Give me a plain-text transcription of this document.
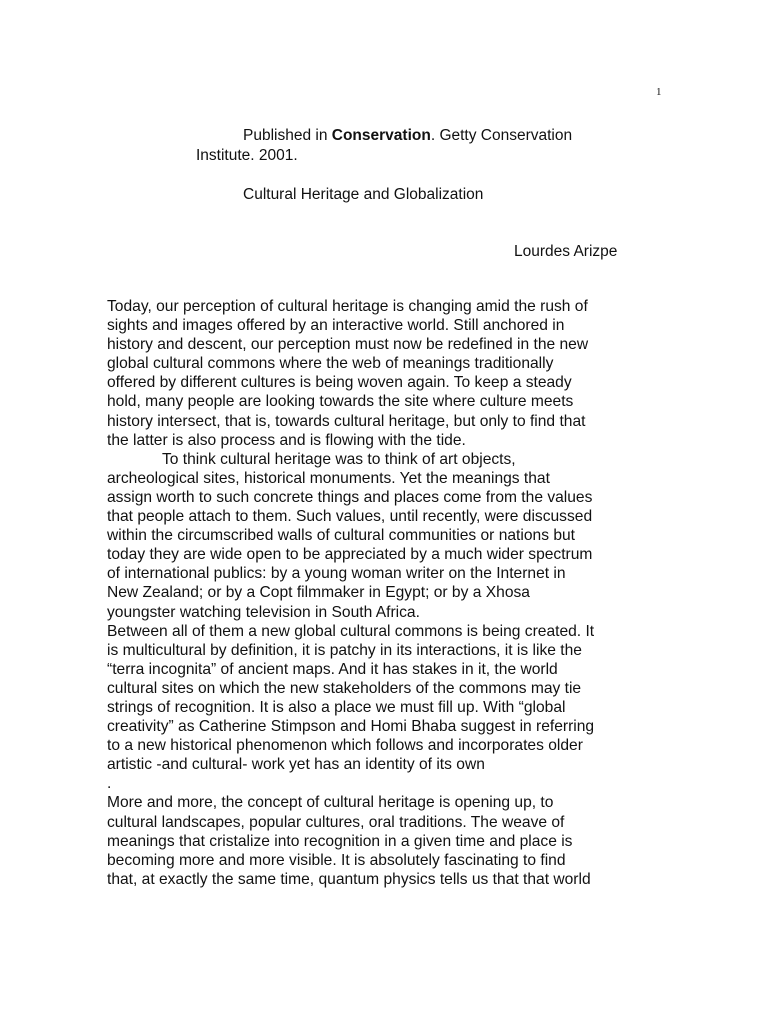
1
Published in Conservation. Getty Conservation
Institute. 2001.
Cultural Heritage and Globalization
Lourdes Arizpe
Today, our perception of cultural heritage is changing amid the rush of
sights and images offered by an interactive world. Still anchored in
history and descent, our perception must now be redefined in the new
global cultural commons where the web of meanings traditionally
offered by different cultures is being woven again. To keep a steady
hold, many people are looking towards the site where culture meets
history intersect, that is, towards cultural heritage, but only to find that
the latter is also process and is flowing with the tide.
To think cultural heritage was to think of art objects,
archeological sites, historical monuments. Yet the meanings that
assign worth to such concrete things and places come from the values
that people attach to them. Such values, until recently, were discussed
within the circumscribed walls of cultural communities or nations but
today they are wide open to be appreciated by a much wider spectrum
of international publics: by a young woman writer on the Internet in
New Zealand; or by a Copt filmmaker in Egypt; or by a Xhosa
youngster watching television in South Africa.
Between all of them a new global cultural commons is being created. It
is multicultural by definition, it is patchy in its interactions, it is like the
“terra incognita” of ancient maps. And it has stakes in it, the world
cultural sites on which the new stakeholders of the commons may tie
strings of recognition. It is also a place we must fill up. With “global
creativity” as Catherine Stimpson and Homi Bhaba suggest in referring
to a new historical phenomenon which follows and incorporates older
artistic -and cultural- work yet has an identity of its own
.
More and more, the concept of cultural heritage is opening up, to
cultural landscapes, popular cultures, oral traditions. The weave of
meanings that cristalize into recognition in a given time and place is
becoming more and more visible. It is absolutely fascinating to find
that, at exactly the same time, quantum physics tells us that that world
